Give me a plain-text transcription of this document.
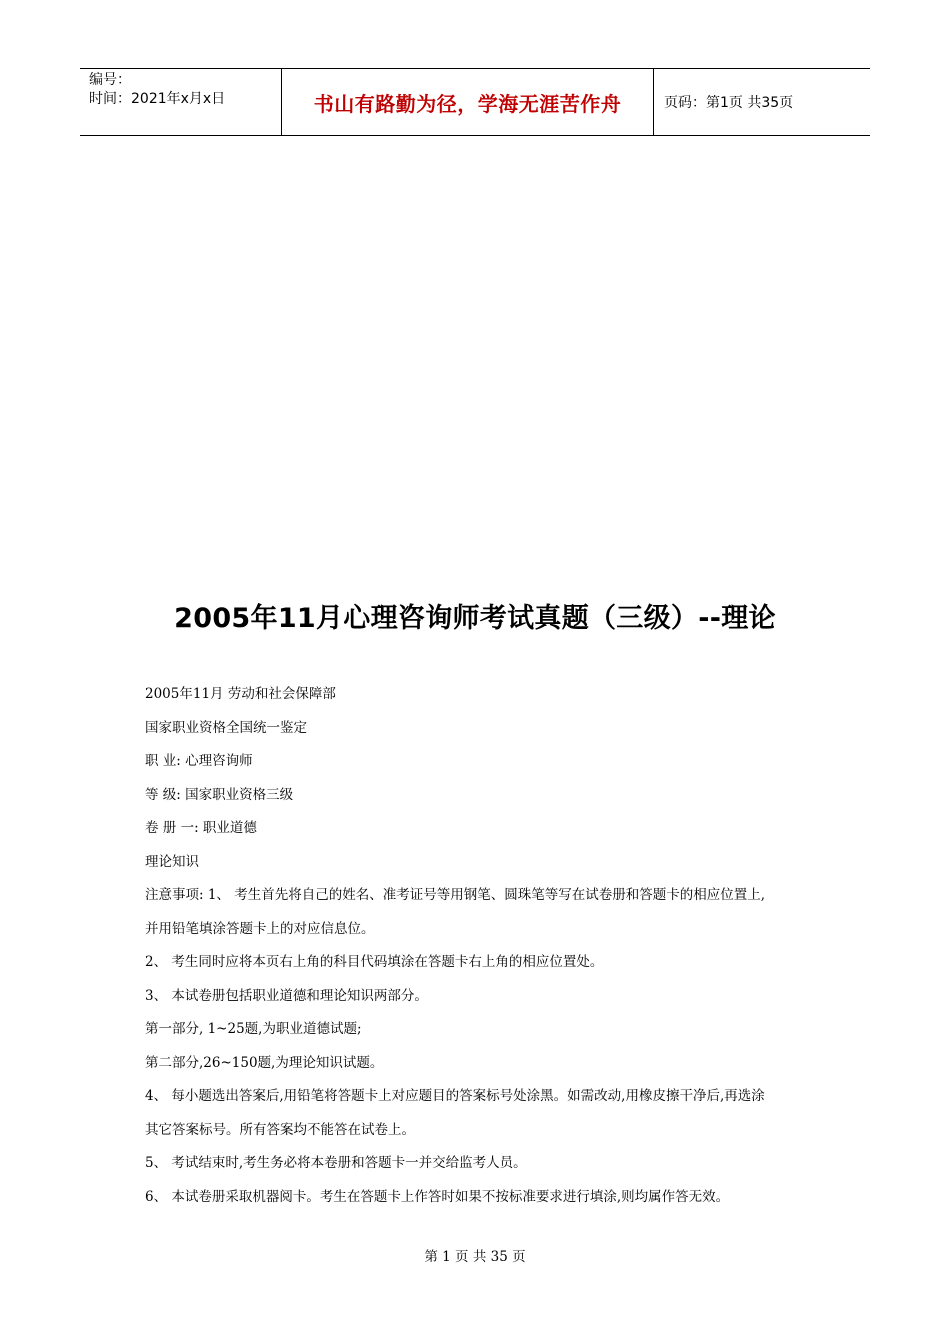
编号：
时间：2021年x月x日	书山有路勤为径，学海无涯苦作舟	页码：第1页 共35页
2005年11月心理咨询师考试真题（三级）--理论

2005年11月 劳动和社会保障部

国家职业资格全国统一鉴定

职 业: 心理咨询师

等 级: 国家职业资格三级

卷 册 一: 职业道德

理论知识

注意事项: 1、 考生首先将自己的姓名、准考证号等用钢笔、圆珠笔等写在试卷册和答题卡的相应位置上,

并用铅笔填涂答题卡上的对应信息位。

2、 考生同时应将本页右上角的科目代码填涂在答题卡右上角的相应位置处。

3、 本试卷册包括职业道德和理论知识两部分。

第一部分, 1~25题,为职业道德试题;

第二部分,26~150题,为理论知识试题。

4、 每小题选出答案后,用铅笔将答题卡上对应题目的答案标号处涂黑。如需改动,用橡皮擦干净后,再选涂

其它答案标号。所有答案均不能答在试卷上。

5、 考试结束时,考生务必将本卷册和答题卡一并交给监考人员。

6、 本试卷册采取机器阅卡。考生在答题卡上作答时如果不按标准要求进行填涂,则均属作答无效。

第 1 页 共 35 页
